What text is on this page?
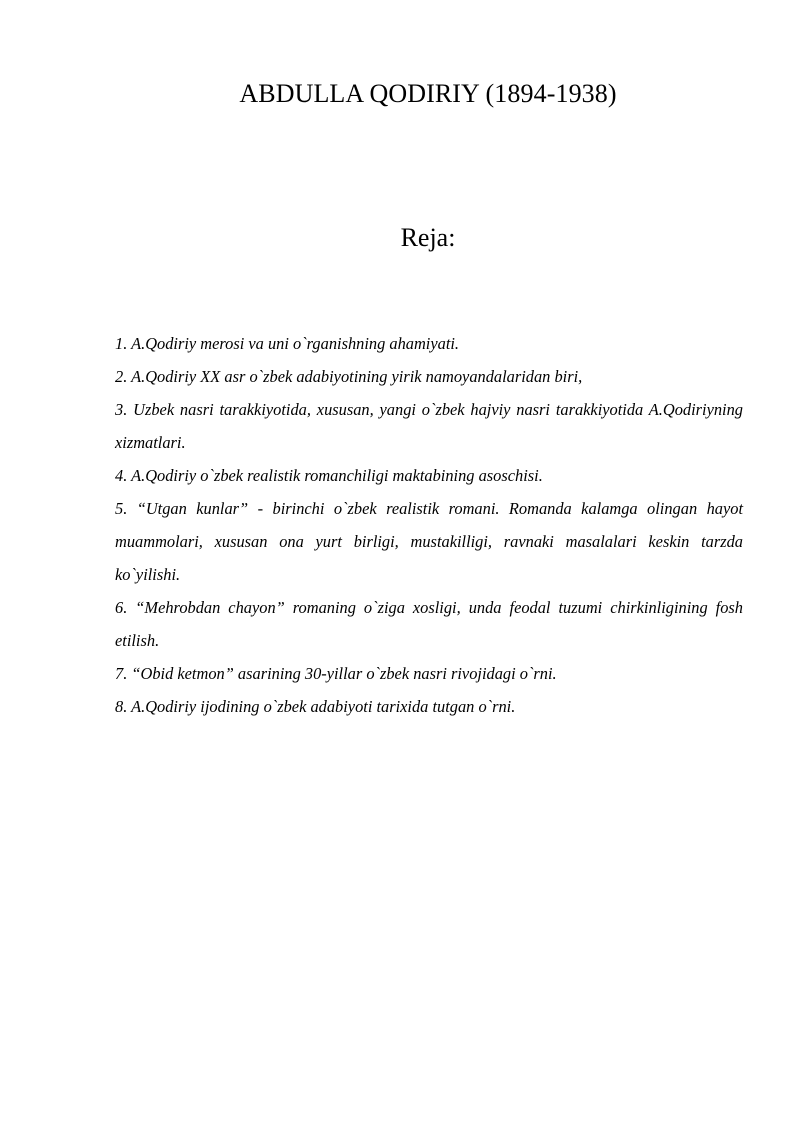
ABDULLA QODIRIY (1894-1938)
Reja:
1. A.Qodiriy merosi va uni o`rganishning ahamiyati.
2. A.Qodiriy XX asr o`zbek adabiyotining yirik namoyandalaridan biri,
3. Uzbek nasri tarakkiyotida, xususan, yangi o`zbek hajviy nasri tarakkiyotida A.Qodiriyning xizmatlari.
4. A.Qodiriy o`zbek realistik romanchiligi maktabining asoschisi.
5. “Utgan kunlar” - birinchi o`zbek realistik romani. Romanda kalamga olingan hayot muammolari, xususan ona yurt birligi, mustakilligi, ravnaki masalalari keskin tarzda ko`yilishi.
6. “Mehrobdan chayon” romaning o`ziga xosligi, unda feodal tuzumi chirkinligining fosh etilish.
7. “Obid ketmon” asarining 30-yillar o`zbek nasri rivojidagi o`rni.
8. A.Qodiriy ijodining o`zbek adabiyoti tarixida tutgan o`rni.
